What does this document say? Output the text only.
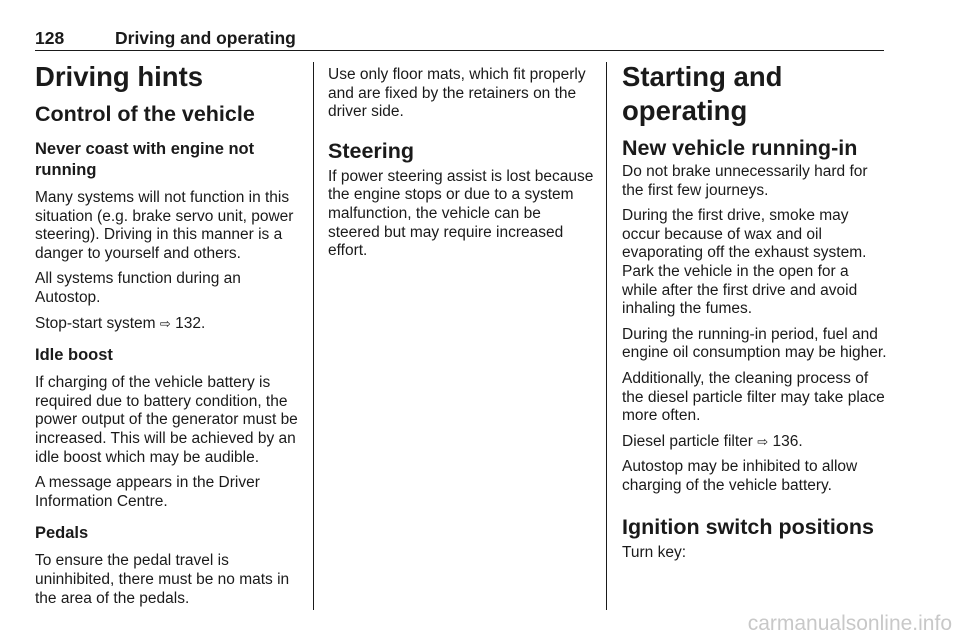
128	Driving and operating
Driving hints
Control of the vehicle
Never coast with engine not running

Many systems will not function in this situation (e.g. brake servo unit, power steering). Driving in this manner is a danger to yourself and others.

All systems function during an Autostop.

Stop-start system ⇨ 132.

Idle boost

If charging of the vehicle battery is required due to battery condition, the power output of the generator must be increased. This will be achieved by an idle boost which may be audible.

A message appears in the Driver Information Centre.

Pedals

To ensure the pedal travel is uninhibited, there must be no mats in the area of the pedals.

Use only floor mats, which fit properly and are fixed by the retainers on the driver side.

Steering

If power steering assist is lost because the engine stops or due to a system malfunction, the vehicle can be steered but may require increased effort.

Starting and operating
New vehicle running-in

Do not brake unnecessarily hard for the first few journeys.

During the first drive, smoke may occur because of wax and oil evaporating off the exhaust system. Park the vehicle in the open for a while after the first drive and avoid inhaling the fumes.

During the running-in period, fuel and engine oil consumption may be higher.

Additionally, the cleaning process of the diesel particle filter may take place more often.

Diesel particle filter ⇨ 136.

Autostop may be inhibited to allow charging of the vehicle battery.

Ignition switch positions

Turn key:

carmanualsonline.info
